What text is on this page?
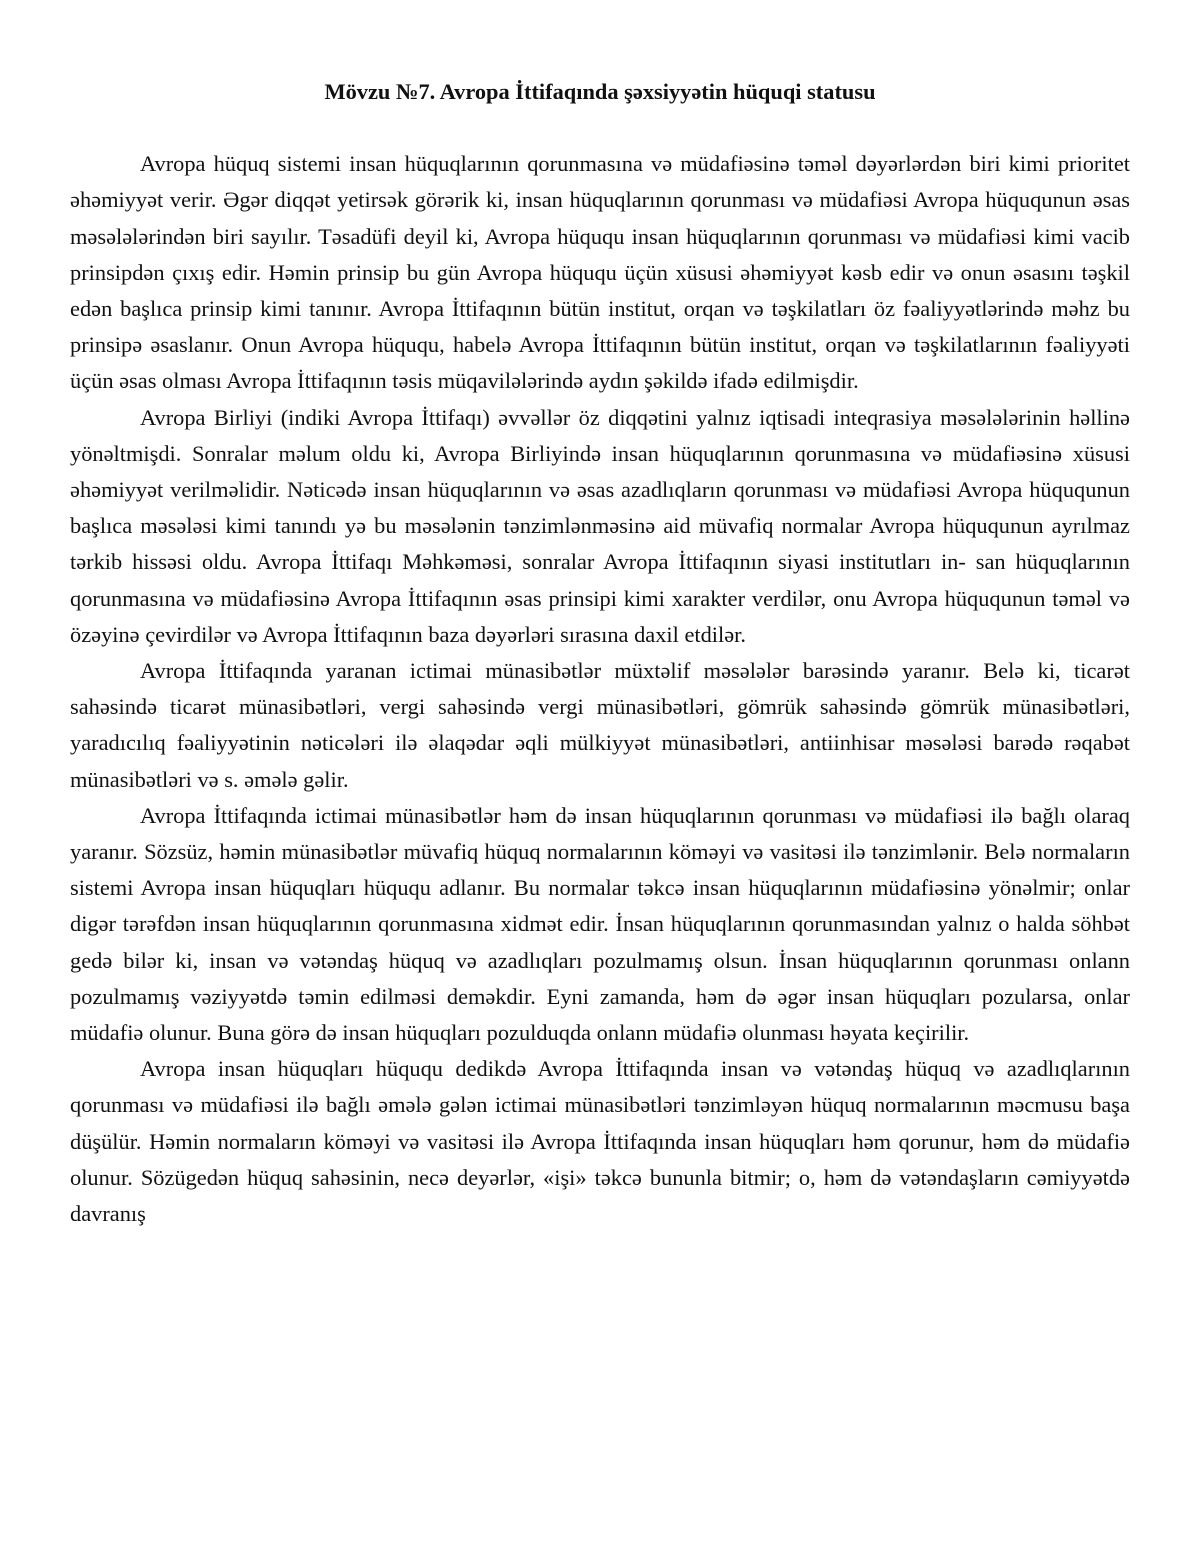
Mövzu №7. Avropa İttifaqında şəxsiyyətin hüquqi statusu

Avropa hüquq sistemi insan hüquqlarının qorunmasına və müdafiəsinə təməl dəyərlərdən biri kimi prioritet əhəmiyyət verir. Əgər diqqət yetirsək görərik ki, insan hüquqlarının qorunması və müdafiəsi Avropa hüququnun əsas məsələlərindən biri sayılır. Təsadüfi deyil ki, Avropa hüququ insan hüquqlarının qorunması və müdafiəsi kimi vacib prinsipdən çıxış edir. Həmin prinsip bu gün Avropa hüququ üçün xüsusi əhəmiyyət kəsb edir və onun əsasını təşkil edən başlıca prinsip kimi tanınır. Avropa İttifaqının bütün institut, orqan və təşkilatları öz fəaliyyətlərində məhz bu prinsipə əsaslanır. Onun Avropa hüququ, habelə Avropa İttifaqının bütün institut, orqan və təşkilatlarının fəaliyyəti üçün əsas olması Avropa İttifaqının təsis müqavilələrində aydın şəkildə ifadə edilmişdir.

Avropa Birliyi (indiki Avropa İttifaqı) əvvəllər öz diqqətini yalnız iqtisadi inteqrasiya məsələlərinin həllinə yönəltmişdi. Sonralar məlum oldu ki, Avropa Birliyində insan hüquqlarının qorunmasına və müdafiəsinə xüsusi əhəmiyyət verilməlidir. Nəticədə insan hüquqlarının və əsas azadlıqların qorunması və müdafiəsi Avropa hüququnun başlıca məsələsi kimi tanındı yə bu məsələnin tənzimlənməsinə aid müvafiq normalar Avropa hüququnun ayrılmaz tərkib hissəsi oldu. Avropa İttifaqı Məhkəməsi, sonralar Avropa İttifaqının siyasi institutları in- san hüquqlarının qorunmasına və müdafiəsinə Avropa İttifaqının əsas prinsipi kimi xarakter verdilər, onu Avropa hüququnun təməl və özəyinə çevirdilər və Avropa İttifaqının baza dəyərləri sırasına daxil etdilər.

Avropa İttifaqında yaranan ictimai münasibətlər müxtəlif məsələlər barəsində yaranır. Belə ki, ticarət sahəsində ticarət münasibətləri, vergi sahəsində vergi münasibətləri, gömrük sahəsində gömrük münasibətləri, yaradıcılıq fəaliyyətinin nəticələri ilə əlaqədar əqli mülkiyyət münasibətləri, antiinhisar məsələsi barədə rəqabət münasibətləri və s. əmələ gəlir.

Avropa İttifaqında ictimai münasibətlər həm də insan hüquqlarının qorunması və müdafiəsi ilə bağlı olaraq yaranır. Sözsüz, həmin münasibətlər müvafiq hüquq normalarının köməyi və vasitəsi ilə tənzimlənir. Belə normaların sistemi Avropa insan hüquqları hüququ adlanır. Bu normalar təkcə insan hüquqlarının müdafiəsinə yönəlmir; onlar digər tərəfdən insan hüquqlarının qorunmasına xidmət edir. İnsan hüquqlarının qorunmasından yalnız o halda söhbət gedə bilər ki, insan və vətəndaş hüquq və azadlıqları pozulmamış olsun. İnsan hüquqlarının qorunması onlann pozulmamış vəziyyətdə təmin edilməsi deməkdir. Eyni zamanda, həm də əgər insan hüquqları pozularsa, onlar müdafiə olunur. Buna görə də insan hüquqları pozulduqda onlann müdafiə olunması həyata keçirilir.

Avropa insan hüquqları hüququ dedikdə Avropa İttifaqında insan və vətəndaş hüquq və azadlıqlarının qorunması və müdafiəsi ilə bağlı əmələ gələn ictimai münasibətləri tənzimləyən hüquq normalarının məcmusu başa düşülür. Həmin normaların köməyi və vasitəsi ilə Avropa İttifaqında insan hüquqları həm qorunur, həm də müdafiə olunur. Sözügedən hüquq sahəsinin, necə deyərlər, «işi» təkcə bununla bitmir; o, həm də vətəndaşların cəmiyyətdə davranış
